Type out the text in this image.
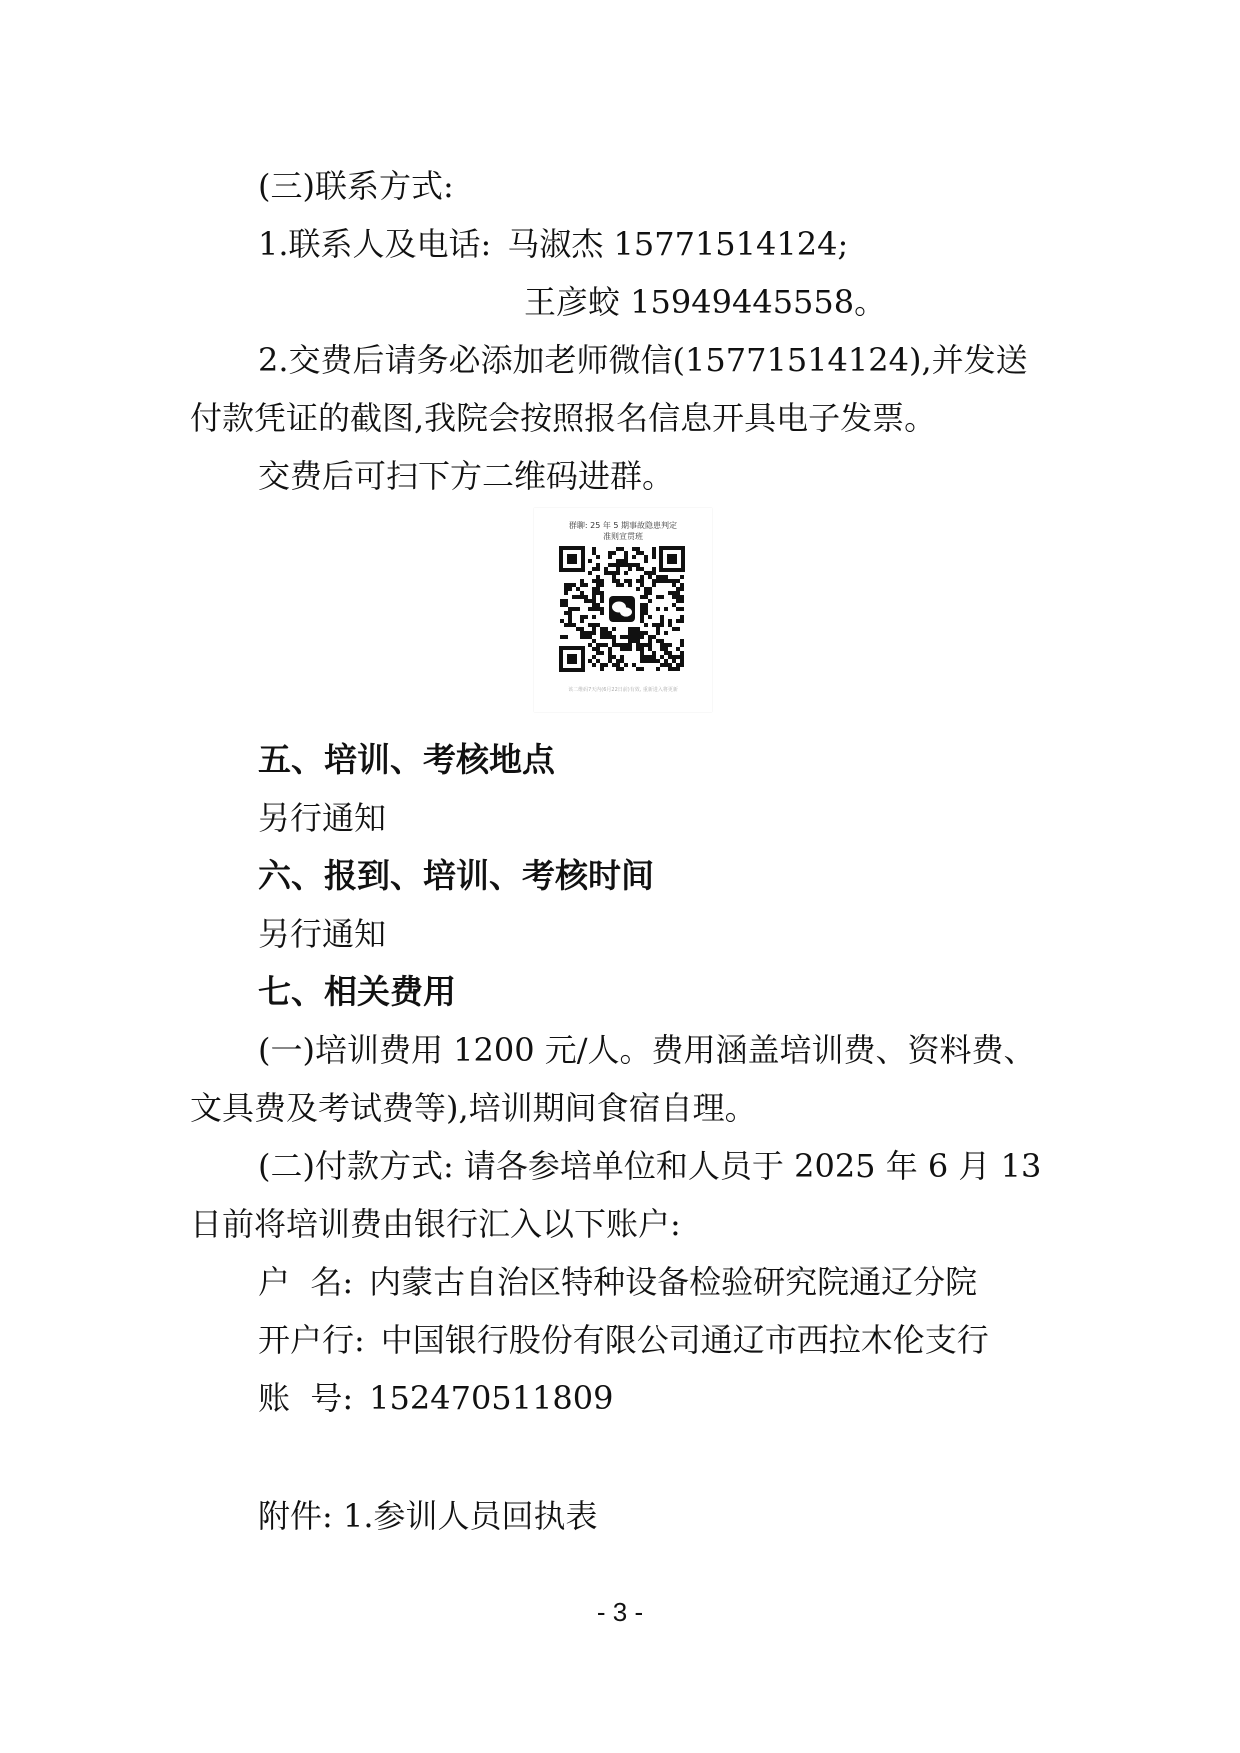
(三)联系方式:
1.联系人及电话: 马淑杰 15771514124;
王彦蛟 15949445558。
2.交费后请务必添加老师微信(15771514124),并发送
付款凭证的截图,我院会按照报名信息开具电子发票。
交费后可扫下方二维码进群。
群聊: 25 年 5 期事故隐患判定
准则宣贯班
该二维码7天内(6月22日前)有效, 重新进入将更新
五、培训、考核地点
另行通知
六、报到、培训、考核时间
另行通知
七、相关费用
(一)培训费用 1200 元/人。费用涵盖培训费、资料费、
文具费及考试费等),培训期间食宿自理。
(二)付款方式: 请各参培单位和人员于 2025 年 6 月 13
日前将培训费由银行汇入以下账户:
户  名: 内蒙古自治区特种设备检验研究院通辽分院
开户行: 中国银行股份有限公司通辽市西拉木伦支行
账  号: 152470511809
附件: 1.参训人员回执表
- 3 -
